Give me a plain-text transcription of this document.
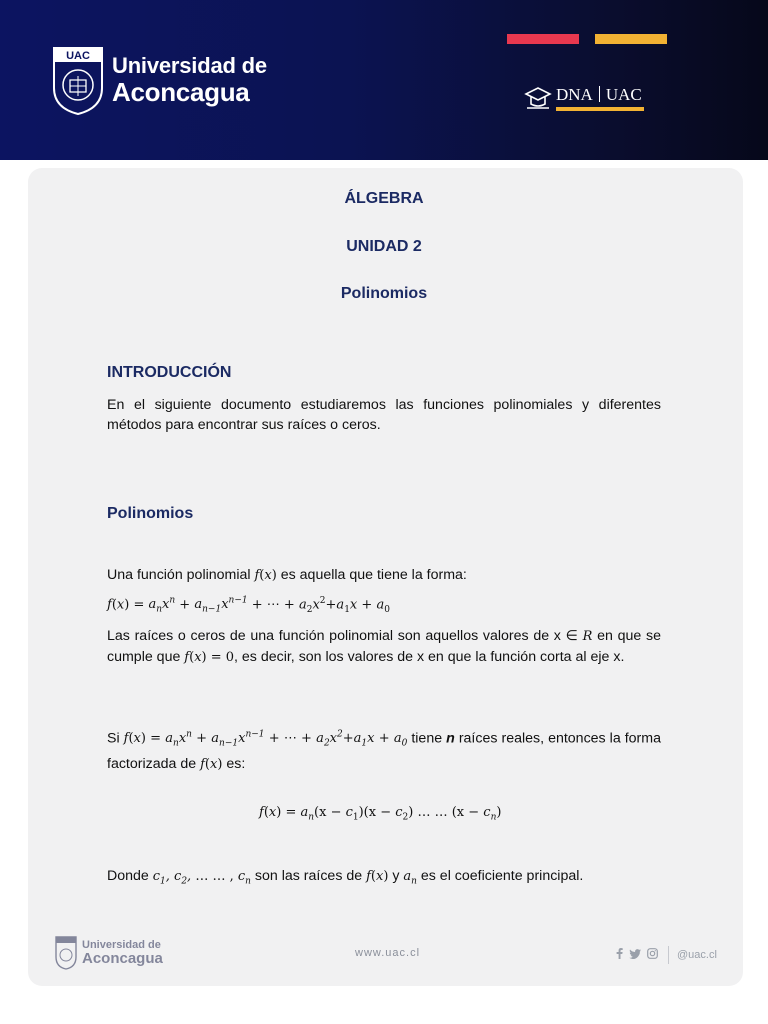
UAC Universidad de
Aconcagua	DNA UAC
ÁLGEBRA
UNIDAD 2
Polinomios
INTRODUCCIÓN
En el siguiente documento estudiaremos las funciones polinomiales y diferentes métodos para encontrar sus raíces o ceros.
Polinomios
Una función polinomial f(x) es aquella que tiene la forma:
$f(x) = a_nx^n + a_{n-1}x^{n-1}$ + ⋯ + $a_2x^2+a_1x + a_0$
Las raíces o ceros de una función polinomial son aquellos valores de x ∈ R en que se cumple que f(x) = 0, es decir, son los valores de x en que la función corta al eje x.
Si $f(x) = a_nx^n + a_{n-1}x^{n-1}$ + ⋯ + $a_2x^2+a_1x + a_0$ tiene n raíces reales, entonces la forma factorizada de f(x) es:
$f(x) = a_n(x - c_1)(x - c_2)$ … … $(x - c_n)$
Donde $c_1$, $c_2$, … … , $c_n$ son las raíces de f(x) y $a_n$ es el coeficiente principal.
Universidad de
Aconcagua	www.uac.cl	@uac.cl
